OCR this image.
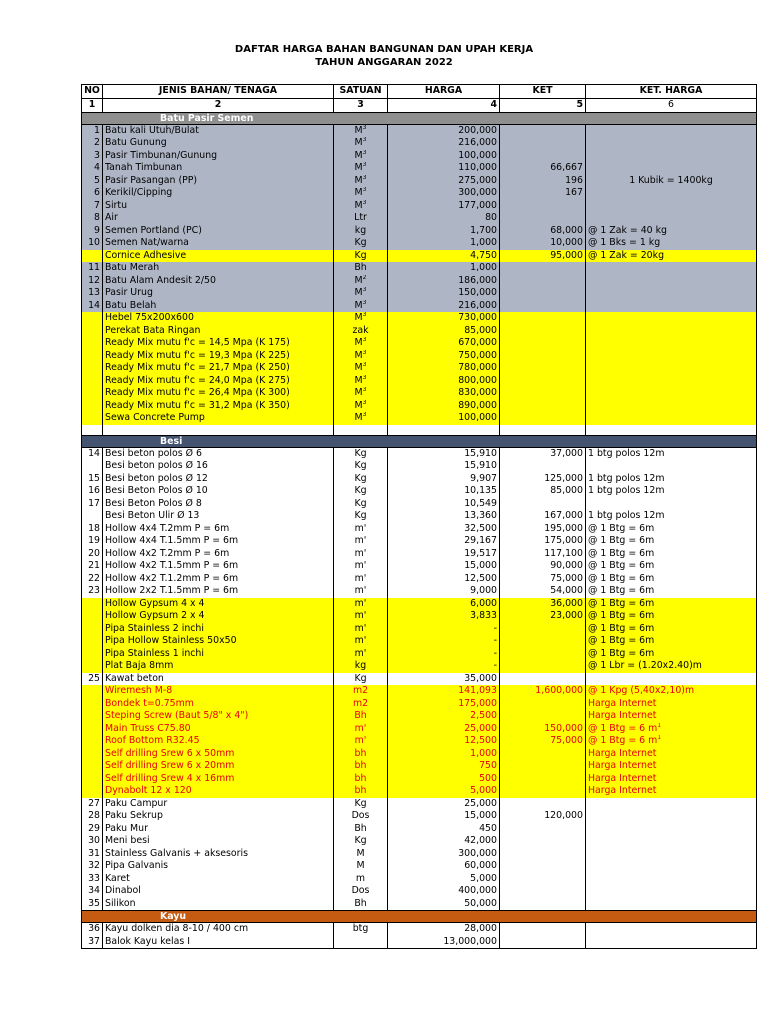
DAFTAR HARGA BAHAN BANGUNAN DAN UPAH KERJA
TAHUN ANGGARAN 2022
NO	JENIS BAHAN/ TENAGA	SATUAN	HARGA	KET	KET. HARGA
1	2	3	4	5	6
Batu Pasir Semen					
1	Batu kali Utuh/Bulat	$M^3$	200,000		
2	Batu Gunung	$M^3$	216,000		
3	Pasir Timbunan/Gunung	$M^3$	100,000		
4	Tanah Timbunan	$M^3$	110,000	66,667	
5	Pasir Pasangan (PP)	$M^3$	275,000	196	1 Kubik = 1400kg
6	Kerikil/Cipping	$M^3$	300,000	167	
7	Sirtu	$M^3$	177,000		
8	Air	Ltr	80		
9	Semen Portland (PC)	kg	1,700	68,000	@ 1 Zak = 40 kg
10	Semen Nat/warna	Kg	1,000	10,000	@ 1 Bks = 1 kg
	Cornice Adhesive	Kg	4,750	95,000	@ 1 Zak = 20kg
11	Batu Merah	Bh	1,000		
12	Batu Alam Andesit 2/50	$M^2$	186,000		
13	Pasir Urug	$M^3$	150,000		
14	Batu Belah	$M^3$	216,000		
	Hebel 75x200x600	$M^3$	730,000		
	Perekat Bata Ringan	zak	85,000		
	Ready Mix mutu f'c = 14,5 Mpa (K 175)	$M^3$	670,000		
	Ready Mix mutu f'c = 19,3 Mpa (K 225)	$M^3$	750,000		
	Ready Mix mutu f'c = 21,7 Mpa (K 250)	$M^3$	780,000		
	Ready Mix mutu f'c = 24,0 Mpa (K 275)	$M^3$	800,000		
	Ready Mix mutu f'c = 26,4 Mpa (K 300)	$M^3$	830,000		
	Ready Mix mutu f'c = 31,2 Mpa (K 350)	$M^3$	890,000		
	Sewa Concrete Pump	$M^3$	100,000		

Besi					
14	Besi beton polos Ø 6	Kg	15,910	37,000	1 btg polos 12m
	Besi beton polos Ø 16	Kg	15,910		
15	Besi beton polos Ø 12	Kg	9,907	125,000	1 btg polos 12m
16	Besi Beton Polos Ø 10	Kg	10,135	85,000	1 btg polos 12m
17	Besi Beton Polos Ø 8	Kg	10,549		
	Besi Beton Ulir Ø 13	Kg	13,360	167,000	1 btg polos 12m
18	Hollow 4x4 T.2mm P = 6m	m'	32,500	195,000	@ 1 Btg = 6m
19	Hollow 4x4 T.1.5mm P = 6m	m'	29,167	175,000	@ 1 Btg = 6m
20	Hollow 4x2 T.2mm P = 6m	m'	19,517	117,100	@ 1 Btg = 6m
21	Hollow 4x2 T.1.5mm P = 6m	m'	15,000	90,000	@ 1 Btg = 6m
22	Hollow 4x2 T.1.2mm P = 6m	m'	12,500	75,000	@ 1 Btg = 6m
23	Hollow 2x2 T.1.5mm P = 6m	m'	9,000	54,000	@ 1 Btg = 6m
	Hollow Gypsum 4 x 4	m'	6,000	36,000	@ 1 Btg = 6m
	Hollow Gypsum 2 x 4	m'	3,833	23,000	@ 1 Btg = 6m
	Pipa Stainless 2 inchi	m'	-		@ 1 Btg = 6m
	Pipa Hollow Stainless 50x50	m'	-		@ 1 Btg = 6m
	Pipa Stainless 1 inchi	m'	-		@ 1 Btg = 6m
	Plat Baja 8mm	kg	-		@ 1 Lbr = (1.20x2.40)m
25	Kawat beton	Kg	35,000		
	Wiremesh M-8	m2	141,093	1,600,000	@ 1 Kpg (5,40x2,10)m
	Bondek t=0.75mm	m2	175,000		Harga Internet
	Steping Screw (Baut 5/8" x 4")	Bh	2,500		Harga Internet
	Main Truss C75.80	m'	25,000	150,000	@ 1 Btg = 6 $m^1$
	Roof Bottom R32.45	m'	12,500	75,000	@ 1 Btg = 6 $m^1$
	Self drilling Srew 6 x 50mm	bh	1,000		Harga Internet
	Self drilling Srew 6 x 20mm	bh	750		Harga Internet
	Self drilling Srew 4 x 16mm	bh	500		Harga Internet
	Dynabolt 12 x 120	bh	5,000		Harga Internet
27	Paku Campur	Kg	25,000		
28	Paku Sekrup	Dos	15,000	120,000	
29	Paku Mur	Bh	450		
30	Meni besi	Kg	42,000		
31	Stainless Galvanis + aksesoris	M	300,000		
32	Pipa Galvanis	M	60,000		
33	Karet	m	5,000		
34	Dinabol	Dos	400,000		
35	Silikon	Bh	50,000		
Kayu					
36	Kayu dolken dia 8-10 / 400 cm	btg	28,000		
37	Balok Kayu kelas I		13,000,000		
